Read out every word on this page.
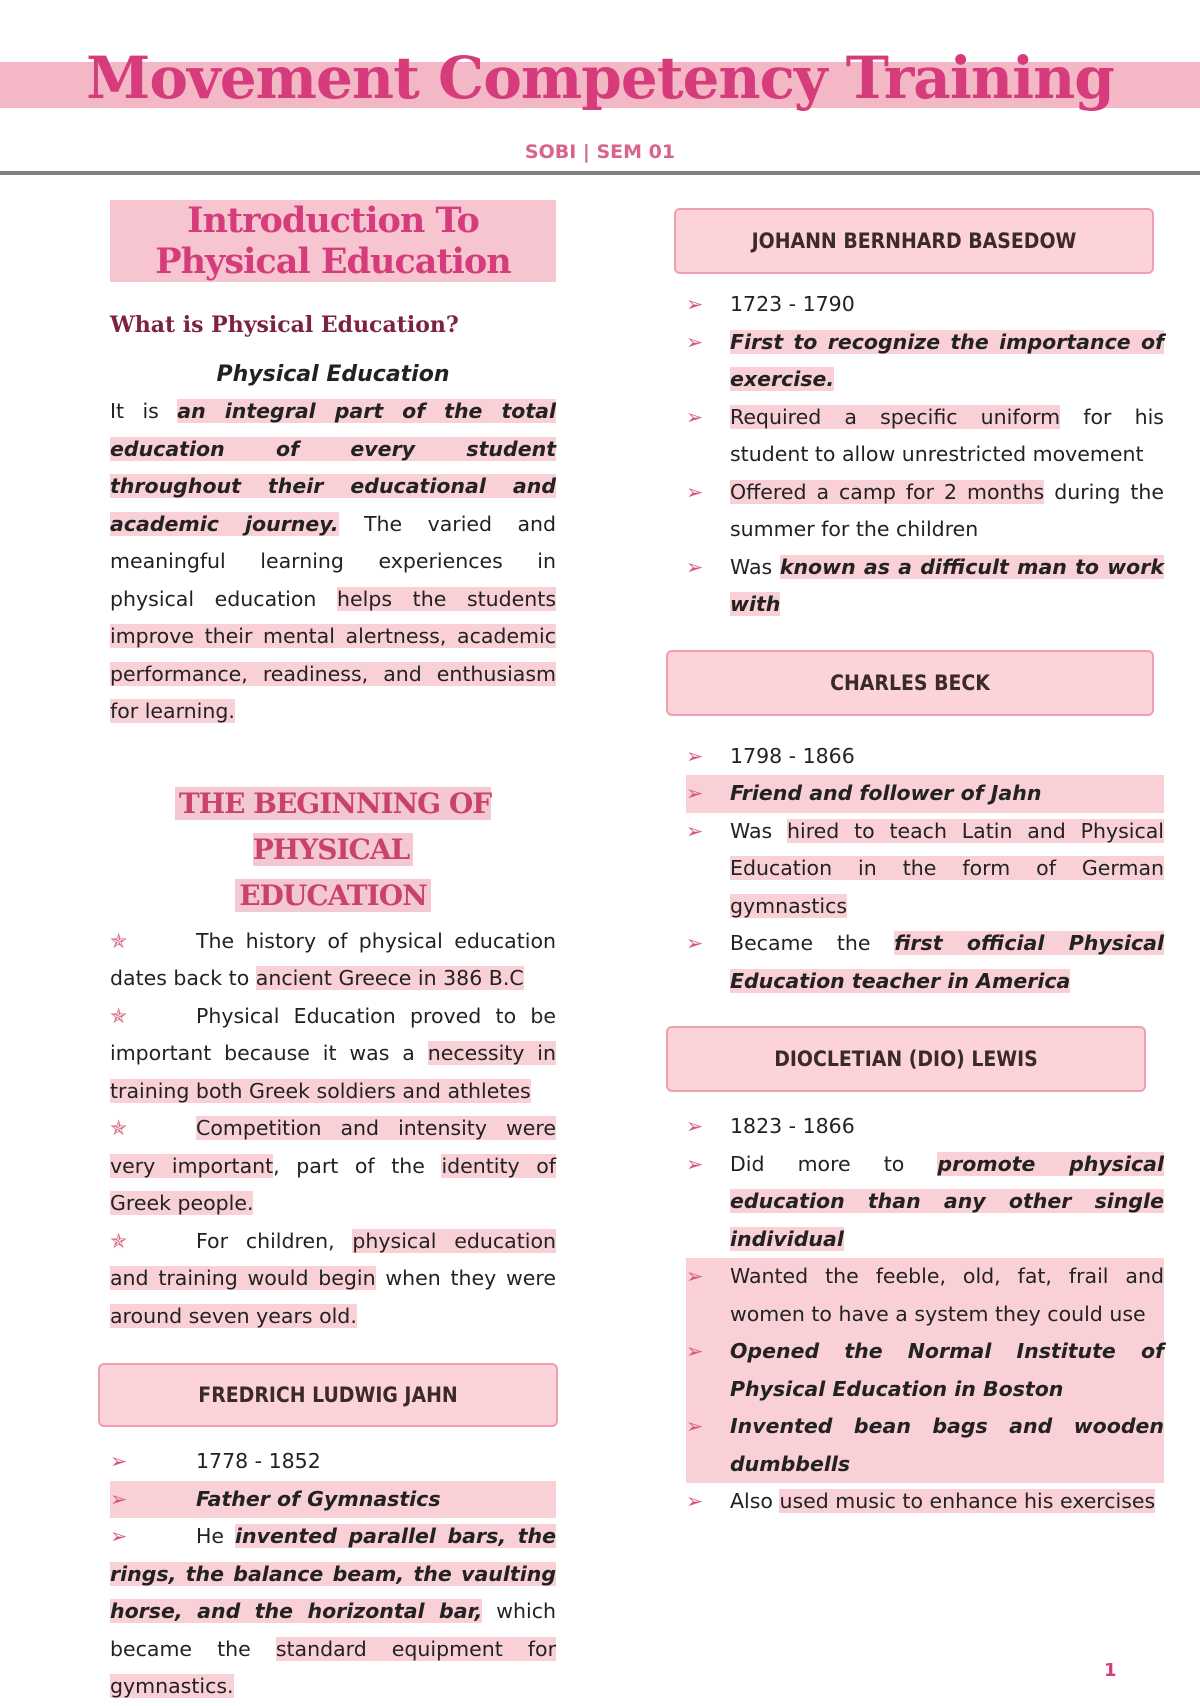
Movement Competency Training
SOBI | SEM 01
Introduction To Physical Education
What is Physical Education?
Physical Education

It is an integral part of the total education of every student throughout their educational and academic journey. The varied and meaningful learning experiences in physical education helps the students improve their mental alertness, academic performance, readiness, and enthusiasm for learning.

THE BEGINNING OF PHYSICAL
EDUCATION

✯	The history of physical education dates back to ancient Greece in 386 B.C

✯	Physical Education proved to be important because it was a necessity in training both Greek soldiers and athletes

✯	Competition and intensity were very important, part of the identity of Greek people.

✯	For children, physical education and training would begin when they were around seven years old.

FREDRICH LUDWIG JAHN

➢	1778 - 1852

➢	Father of Gymnastics

➢	He invented parallel bars, the rings, the balance beam, the vaulting horse, and the horizontal bar, which became the standard equipment for gymnastics.

JOHANN BERNHARD BASEDOW
➢ 1723 - 1790
➢ First to recognize the importance of exercise.
➢ Required a specific uniform for his student to allow unrestricted movement
➢ Offered a camp for 2 months during the summer for the children
➢ Was known as a difficult man to work with
CHARLES BECK
➢ 1798 - 1866
➢ Friend and follower of Jahn
➢ Was hired to teach Latin and Physical Education in the form of German gymnastics
➢ Became the first official Physical Education teacher in America
DIOCLETIAN (DIO) LEWIS
➢ 1823 - 1866
➢ Did more to promote physical education than any other single individual
➢ Wanted the feeble, old, fat, frail and women to have a system they could use
➢ Opened the Normal Institute of Physical Education in Boston
➢ Invented bean bags and wooden dumbbells
➢ Also used music to enhance his exercises
1
